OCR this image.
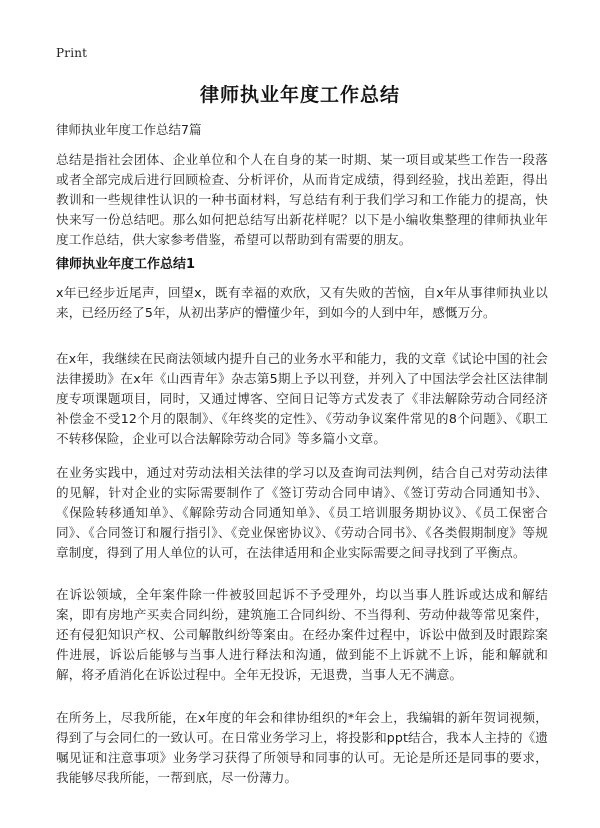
Print
律师执业年度工作总结
律师执业年度工作总结7篇

总结是指社会团体、企业单位和个人在自身的某一时期、某一项目或某些工作告一段落或者全部完成后进行回顾检查、分析评价，从而肯定成绩，得到经验，找出差距，得出教训和一些规律性认识的一种书面材料，写总结有利于我们学习和工作能力的提高，快快来写一份总结吧。那么如何把总结写出新花样呢？以下是小编收集整理的律师执业年度工作总结，供大家参考借鉴，希望可以帮助到有需要的朋友。

律师执业年度工作总结1

x年已经步近尾声，回望x，既有幸福的欢欣，又有失败的苦恼，自x年从事律师执业以来，已经历经了5年，从初出茅庐的懵懂少年，到如今的人到中年，感慨万分。

在x年，我继续在民商法领域内提升自己的业务水平和能力，我的文章《试论中国的社会法律援助》在x年《山西青年》杂志第5期上予以刊登，并列入了中国法学会社区法律制度专项课题项目，同时，又通过博客、空间日记等方式发表了《非法解除劳动合同经济补偿金不受12个月的限制》、《年终奖的定性》、《劳动争议案件常见的8个问题》、《职工不转移保险，企业可以合法解除劳动合同》等多篇小文章。

在业务实践中，通过对劳动法相关法律的学习以及查询司法判例，结合自己对劳动法律的见解，针对企业的实际需要制作了《签订劳动合同申请》、《签订劳动合同通知书》、《保险转移通知单》、《解除劳动合同通知单》、《员工培训服务期协议》、《员工保密合同》、《合同签订和履行指引》、《竞业保密协议》、《劳动合同书》、《各类假期制度》等规章制度，得到了用人单位的认可，在法律适用和企业实际需要之间寻找到了平衡点。

在诉讼领域，全年案件除一件被驳回起诉不予受理外，均以当事人胜诉或达成和解结案，即有房地产买卖合同纠纷，建筑施工合同纠纷、不当得利、劳动仲裁等常见案件，还有侵犯知识产权、公司解散纠纷等案由。在经办案件过程中，诉讼中做到及时跟踪案件进展，诉讼后能够与当事人进行释法和沟通，做到能不上诉就不上诉，能和解就和解，将矛盾消化在诉讼过程中。全年无投诉，无退费，当事人无不满意。

在所务上，尽我所能，在x年度的年会和律协组织的*年会上，我编辑的新年贺词视频，得到了与会同仁的一致认可。在日常业务学习上，将投影和ppt结合，我本人主持的《遗嘱见证和注意事项》业务学习获得了所领导和同事的认可。无论是所还是同事的要求，我能够尽我所能，一帮到底，尽一份薄力。
